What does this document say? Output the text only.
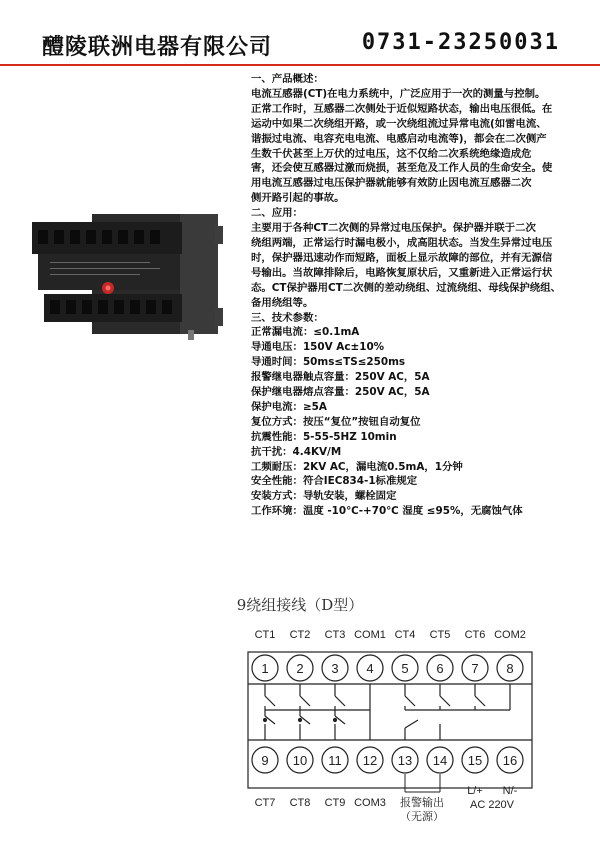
醴陵联洲电器有限公司	0731-23250031

一、产品概述：

电流互感器(CT)在电力系统中，广泛应用于一次的测量与控制。

正常工作时，互感器二次侧处于近似短路状态，输出电压很低。在

运动中如果二次绕组开路，或一次绕组流过异常电流(如雷电流、

谐振过电流、电容充电电流、电感启动电流等)，都会在二次侧产

生数千伏甚至上万伏的过电压，这不仅给二次系统绝缘造成危

害，还会使互感器过激而烧损，甚至危及工作人员的生命安全。使

用电流互感器过电压保护器就能够有效防止因电流互感器二次

侧开路引起的事故。

二、应用：

主要用于各种CT二次侧的异常过电压保护。保护器并联于二次

绕组两端，正常运行时漏电极小，成高阻状态。当发生异常过电压

时，保护器迅速动作而短路，面板上显示故障的部位，并有无源信

号输出。当故障排除后，电路恢复原状后，又重新进入正常运行状

态。CT保护器用CT二次侧的差动绕组、过流绕组、母线保护绕组、

备用绕组等。

三、技术参数：

正常漏电流：≤0.1mA

导通电压：150V Ac±10%

导通时间：50ms≤TS≤250ms

报警继电器触点容量：250V AC，5A

保护继电器熔点容量：250V AC，5A

保护电流：≥5A

复位方式：按压“复位”按钮自动复位

抗震性能：5-55-5HZ 10min

抗干扰：4.4KV/M

工频耐压：2KV AC，漏电流0.5mA，1分钟

安全性能：符合IEC834-1标准规定

安装方式：导轨安装，螺栓固定

工作环境：温度 -10℃-+70℃ 湿度 ≤95%，无腐蚀气体

9绕组接线（D型）
CT1 CT2 CT3 COM1 CT4 CT5 CT6 COM2
1 2 3 4 5 6 7 8
9 10 11 12 13 14 15 16
CT7 CT8 CT9 COM3 报警输出
（无源）
L/+ N/-
AC 220V
